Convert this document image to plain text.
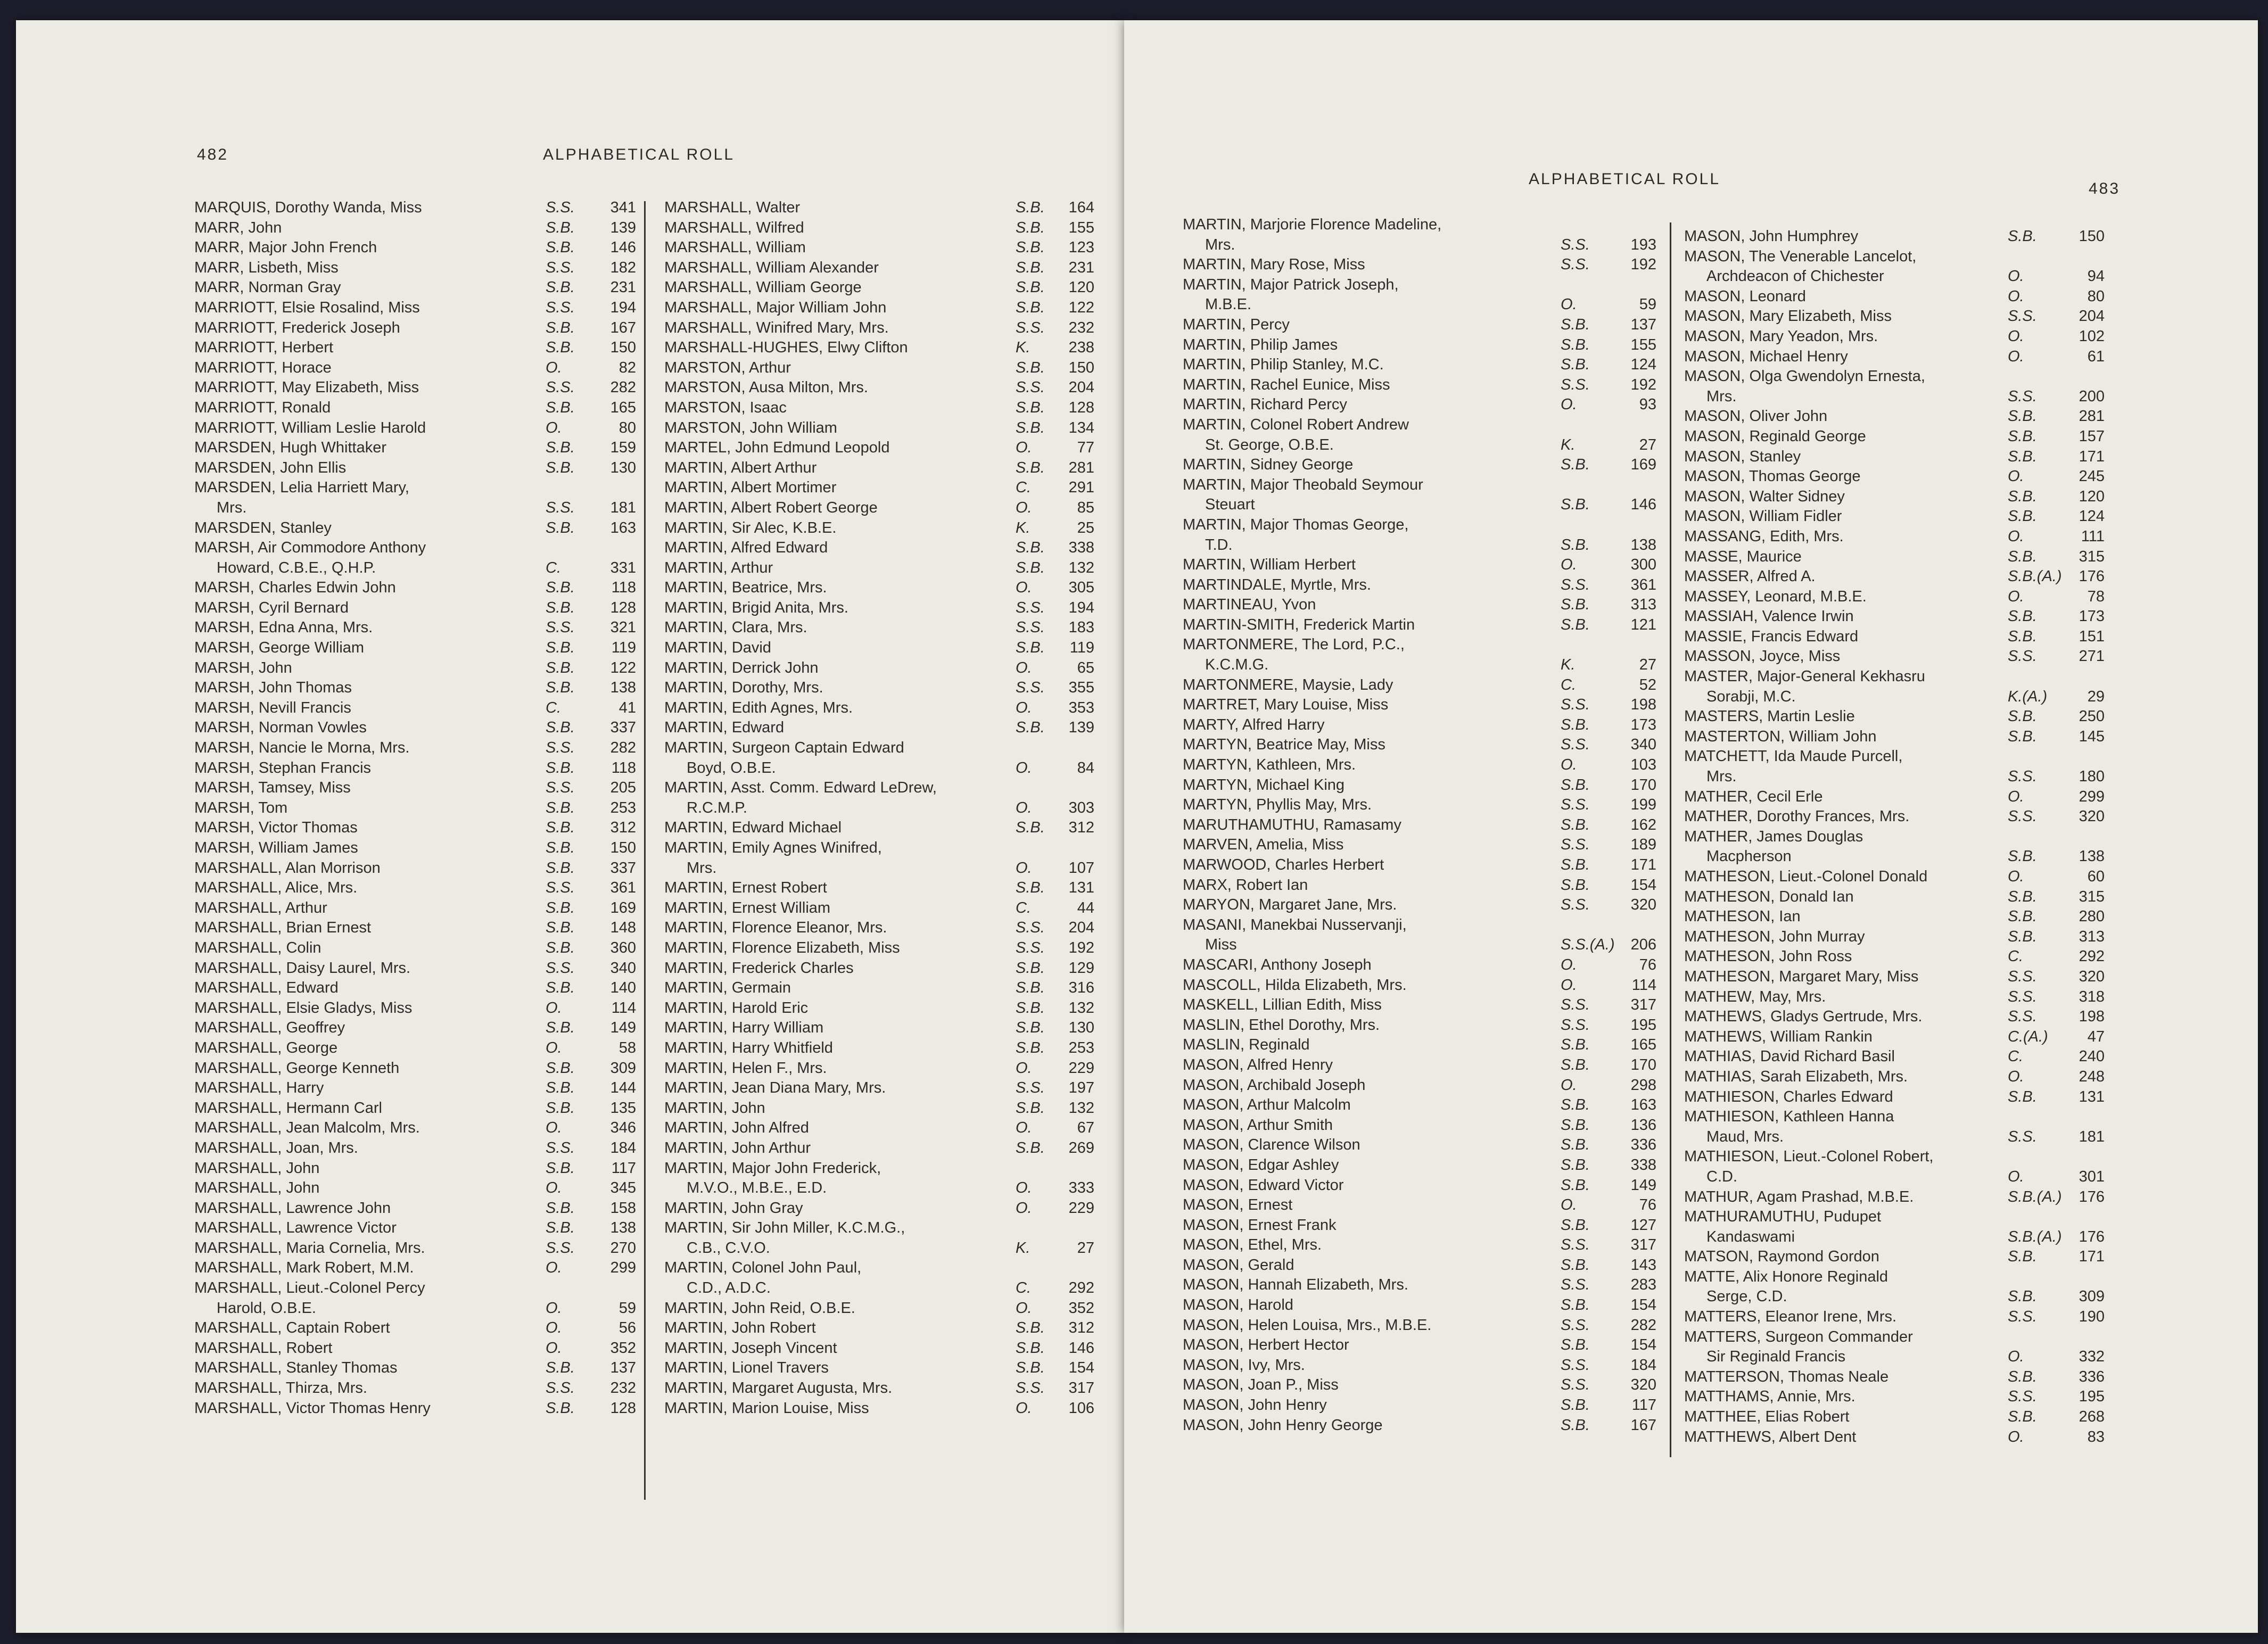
482	ALPHABETICAL ROLL
MARQUIS, Dorothy Wanda, Miss	S.S.	341
MARR, John	S.B.	139
MARR, Major John French	S.B.	146
MARR, Lisbeth, Miss	S.S.	182
MARR, Norman Gray	S.B.	231
MARRIOTT, Elsie Rosalind, Miss	S.S.	194
MARRIOTT, Frederick Joseph	S.B.	167
MARRIOTT, Herbert	S.B.	150
MARRIOTT, Horace	O.	82
MARRIOTT, May Elizabeth, Miss	S.S.	282
MARRIOTT, Ronald	S.B.	165
MARRIOTT, William Leslie Harold	O.	80
MARSDEN, Hugh Whittaker	S.B.	159
MARSDEN, John Ellis	S.B.	130
MARSDEN, Lelia Harriett Mary,
Mrs.	S.S.	181
MARSDEN, Stanley	S.B.	163
MARSH, Air Commodore Anthony
Howard, C.B.E., Q.H.P.	C.	331
MARSH, Charles Edwin John	S.B.	118
MARSH, Cyril Bernard	S.B.	128
MARSH, Edna Anna, Mrs.	S.S.	321
MARSH, George William	S.B.	119
MARSH, John	S.B.	122
MARSH, John Thomas	S.B.	138
MARSH, Nevill Francis	C.	41
MARSH, Norman Vowles	S.B.	337
MARSH, Nancie le Morna, Mrs.	S.S.	282
MARSH, Stephan Francis	S.B.	118
MARSH, Tamsey, Miss	S.S.	205
MARSH, Tom	S.B.	253
MARSH, Victor Thomas	S.B.	312
MARSH, William James	S.B.	150
MARSHALL, Alan Morrison	S.B.	337
MARSHALL, Alice, Mrs.	S.S.	361
MARSHALL, Arthur	S.B.	169
MARSHALL, Brian Ernest	S.B.	148
MARSHALL, Colin	S.B.	360
MARSHALL, Daisy Laurel, Mrs.	S.S.	340
MARSHALL, Edward	S.B.	140
MARSHALL, Elsie Gladys, Miss	O.	114
MARSHALL, Geoffrey	S.B.	149
MARSHALL, George	O.	58
MARSHALL, George Kenneth	S.B.	309
MARSHALL, Harry	S.B.	144
MARSHALL, Hermann Carl	S.B.	135
MARSHALL, Jean Malcolm, Mrs.	O.	346
MARSHALL, Joan, Mrs.	S.S.	184
MARSHALL, John	S.B.	117
MARSHALL, John	O.	345
MARSHALL, Lawrence John	S.B.	158
MARSHALL, Lawrence Victor	S.B.	138
MARSHALL, Maria Cornelia, Mrs.	S.S.	270
MARSHALL, Mark Robert, M.M.	O.	299
MARSHALL, Lieut.-Colonel Percy
Harold, O.B.E.	O.	59
MARSHALL, Captain Robert	O.	56
MARSHALL, Robert	O.	352
MARSHALL, Stanley Thomas	S.B.	137
MARSHALL, Thirza, Mrs.	S.S.	232
MARSHALL, Victor Thomas Henry	S.B.	128
MARSHALL, Walter	S.B.	164
MARSHALL, Wilfred	S.B.	155
MARSHALL, William	S.B.	123
MARSHALL, William Alexander	S.B.	231
MARSHALL, William George	S.B.	120
MARSHALL, Major William John	S.B.	122
MARSHALL, Winifred Mary, Mrs.	S.S.	232
MARSHALL-HUGHES, Elwy Clifton	K.	238
MARSTON, Arthur	S.B.	150
MARSTON, Ausa Milton, Mrs.	S.S.	204
MARSTON, Isaac	S.B.	128
MARSTON, John William	S.B.	134
MARTEL, John Edmund Leopold	O.	77
MARTIN, Albert Arthur	S.B.	281
MARTIN, Albert Mortimer	C.	291
MARTIN, Albert Robert George	O.	85
MARTIN, Sir Alec, K.B.E.	K.	25
MARTIN, Alfred Edward	S.B.	338
MARTIN, Arthur	S.B.	132
MARTIN, Beatrice, Mrs.	O.	305
MARTIN, Brigid Anita, Mrs.	S.S.	194
MARTIN, Clara, Mrs.	S.S.	183
MARTIN, David	S.B.	119
MARTIN, Derrick John	O.	65
MARTIN, Dorothy, Mrs.	S.S.	355
MARTIN, Edith Agnes, Mrs.	O.	353
MARTIN, Edward	S.B.	139
MARTIN, Surgeon Captain Edward
Boyd, O.B.E.	O.	84
MARTIN, Asst. Comm. Edward LeDrew,
R.C.M.P.	O.	303
MARTIN, Edward Michael	S.B.	312
MARTIN, Emily Agnes Winifred,
Mrs.	O.	107
MARTIN, Ernest Robert	S.B.	131
MARTIN, Ernest William	C.	44
MARTIN, Florence Eleanor, Mrs.	S.S.	204
MARTIN, Florence Elizabeth, Miss	S.S.	192
MARTIN, Frederick Charles	S.B.	129
MARTIN, Germain	S.B.	316
MARTIN, Harold Eric	S.B.	132
MARTIN, Harry William	S.B.	130
MARTIN, Harry Whitfield	S.B.	253
MARTIN, Helen F., Mrs.	O.	229
MARTIN, Jean Diana Mary, Mrs.	S.S.	197
MARTIN, John	S.B.	132
MARTIN, John Alfred	O.	67
MARTIN, John Arthur	S.B.	269
MARTIN, Major John Frederick,
M.V.O., M.B.E., E.D.	O.	333
MARTIN, John Gray	O.	229
MARTIN, Sir John Miller, K.C.M.G.,
C.B., C.V.O.	K.	27
MARTIN, Colonel John Paul,
C.D., A.D.C.	C.	292
MARTIN, John Reid, O.B.E.	O.	352
MARTIN, John Robert	S.B.	312
MARTIN, Joseph Vincent	S.B.	146
MARTIN, Lionel Travers	S.B.	154
MARTIN, Margaret Augusta, Mrs.	S.S.	317
MARTIN, Marion Louise, Miss	O.	106
ALPHABETICAL ROLL
483
MARTIN, Marjorie Florence Madeline,
Mrs.	S.S.	193
MARTIN, Mary Rose, Miss	S.S.	192
MARTIN, Major Patrick Joseph,
M.B.E.	O.	59
MARTIN, Percy	S.B.	137
MARTIN, Philip James	S.B.	155
MARTIN, Philip Stanley, M.C.	S.B.	124
MARTIN, Rachel Eunice, Miss	S.S.	192
MARTIN, Richard Percy	O.	93
MARTIN, Colonel Robert Andrew
St. George, O.B.E.	K.	27
MARTIN, Sidney George	S.B.	169
MARTIN, Major Theobald Seymour
Steuart	S.B.	146
MARTIN, Major Thomas George,
T.D.	S.B.	138
MARTIN, William Herbert	O.	300
MARTINDALE, Myrtle, Mrs.	S.S.	361
MARTINEAU, Yvon	S.B.	313
MARTIN-SMITH, Frederick Martin	S.B.	121
MARTONMERE, The Lord, P.C.,
K.C.M.G.	K.	27
MARTONMERE, Maysie, Lady	C.	52
MARTRET, Mary Louise, Miss	S.S.	198
MARTY, Alfred Harry	S.B.	173
MARTYN, Beatrice May, Miss	S.S.	340
MARTYN, Kathleen, Mrs.	O.	103
MARTYN, Michael King	S.B.	170
MARTYN, Phyllis May, Mrs.	S.S.	199
MARUTHAMUTHU, Ramasamy	S.B.	162
MARVEN, Amelia, Miss	S.S.	189
MARWOOD, Charles Herbert	S.B.	171
MARX, Robert Ian	S.B.	154
MARYON, Margaret Jane, Mrs.	S.S.	320
MASANI, Manekbai Nusservanji,
Miss	S.S.(A.)	206
MASCARI, Anthony Joseph	O.	76
MASCOLL, Hilda Elizabeth, Mrs.	O.	114
MASKELL, Lillian Edith, Miss	S.S.	317
MASLIN, Ethel Dorothy, Mrs.	S.S.	195
MASLIN, Reginald	S.B.	165
MASON, Alfred Henry	S.B.	170
MASON, Archibald Joseph	O.	298
MASON, Arthur Malcolm	S.B.	163
MASON, Arthur Smith	S.B.	136
MASON, Clarence Wilson	S.B.	336
MASON, Edgar Ashley	S.B.	338
MASON, Edward Victor	S.B.	149
MASON, Ernest	O.	76
MASON, Ernest Frank	S.B.	127
MASON, Ethel, Mrs.	S.S.	317
MASON, Gerald	S.B.	143
MASON, Hannah Elizabeth, Mrs.	S.S.	283
MASON, Harold	S.B.	154
MASON, Helen Louisa, Mrs., M.B.E.	S.S.	282
MASON, Herbert Hector	S.B.	154
MASON, Ivy, Mrs.	S.S.	184
MASON, Joan P., Miss	S.S.	320
MASON, John Henry	S.B.	117
MASON, John Henry George	S.B.	167
MASON, John Humphrey	S.B.	150
MASON, The Venerable Lancelot,
Archdeacon of Chichester	O.	94
MASON, Leonard	O.	80
MASON, Mary Elizabeth, Miss	S.S.	204
MASON, Mary Yeadon, Mrs.	O.	102
MASON, Michael Henry	O.	61
MASON, Olga Gwendolyn Ernesta,
Mrs.	S.S.	200
MASON, Oliver John	S.B.	281
MASON, Reginald George	S.B.	157
MASON, Stanley	S.B.	171
MASON, Thomas George	O.	245
MASON, Walter Sidney	S.B.	120
MASON, William Fidler	S.B.	124
MASSANG, Edith, Mrs.	O.	111
MASSE, Maurice	S.B.	315
MASSER, Alfred A.	S.B.(A.)	176
MASSEY, Leonard, M.B.E.	O.	78
MASSIAH, Valence Irwin	S.B.	173
MASSIE, Francis Edward	S.B.	151
MASSON, Joyce, Miss	S.S.	271
MASTER, Major-General Kekhasru
Sorabji, M.C.	K.(A.)	29
MASTERS, Martin Leslie	S.B.	250
MASTERTON, William John	S.B.	145
MATCHETT, Ida Maude Purcell,
Mrs.	S.S.	180
MATHER, Cecil Erle	O.	299
MATHER, Dorothy Frances, Mrs.	S.S.	320
MATHER, James Douglas
Macpherson	S.B.	138
MATHESON, Lieut.-Colonel Donald	O.	60
MATHESON, Donald Ian	S.B.	315
MATHESON, Ian	S.B.	280
MATHESON, John Murray	S.B.	313
MATHESON, John Ross	C.	292
MATHESON, Margaret Mary, Miss	S.S.	320
MATHEW, May, Mrs.	S.S.	318
MATHEWS, Gladys Gertrude, Mrs.	S.S.	198
MATHEWS, William Rankin	C.(A.)	47
MATHIAS, David Richard Basil	C.	240
MATHIAS, Sarah Elizabeth, Mrs.	O.	248
MATHIESON, Charles Edward	S.B.	131
MATHIESON, Kathleen Hanna
Maud, Mrs.	S.S.	181
MATHIESON, Lieut.-Colonel Robert,
C.D.	O.	301
MATHUR, Agam Prashad, M.B.E.	S.B.(A.)	176
MATHURAMUTHU, Pudupet
Kandaswami	S.B.(A.)	176
MATSON, Raymond Gordon	S.B.	171
MATTE, Alix Honore Reginald
Serge, C.D.	S.B.	309
MATTERS, Eleanor Irene, Mrs.	S.S.	190
MATTERS, Surgeon Commander
Sir Reginald Francis	O.	332
MATTERSON, Thomas Neale	S.B.	336
MATTHAMS, Annie, Mrs.	S.S.	195
MATTHEE, Elias Robert	S.B.	268
MATTHEWS, Albert Dent	O.	83
